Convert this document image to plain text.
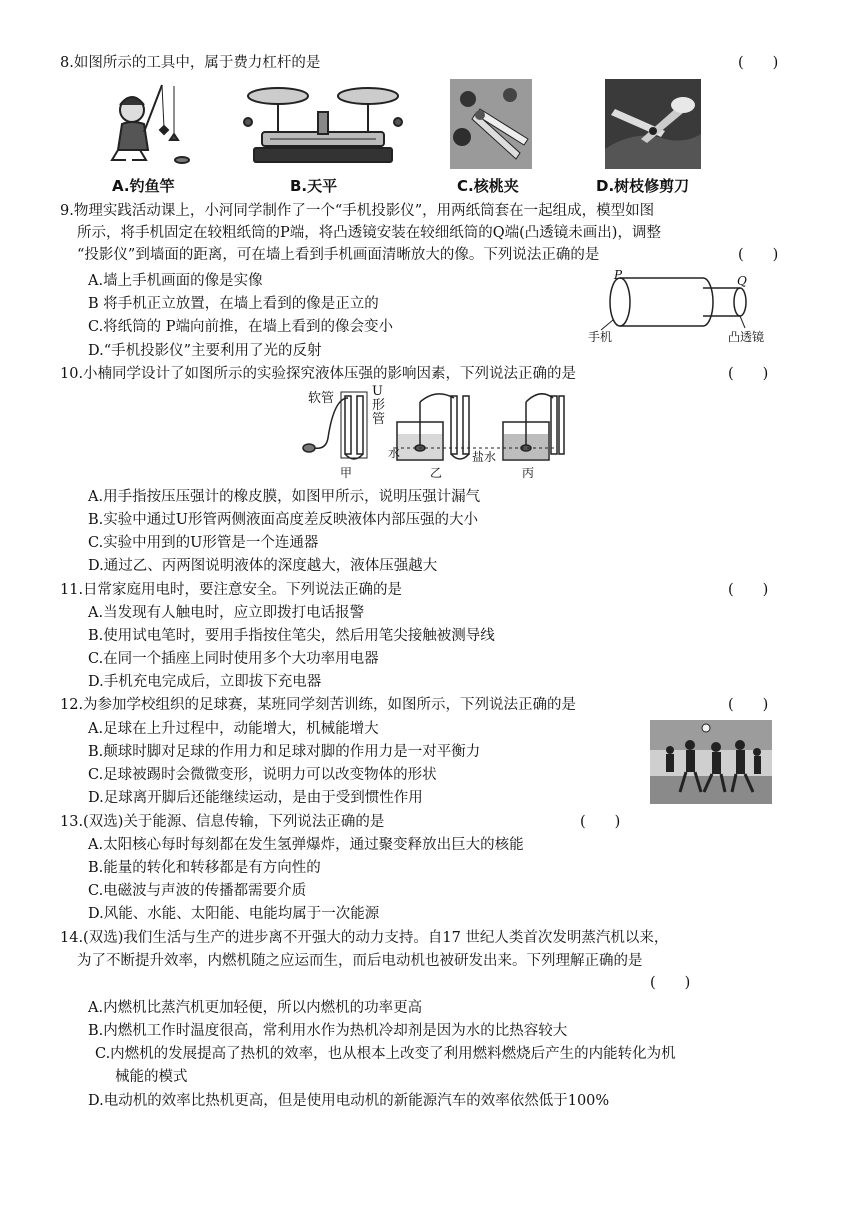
8.如图所示的工具中，属于费力杠杆的是	(　　)
A.钓鱼竿	B.天平	C.核桃夹	D.树枝修剪刀
9.物理实践活动课上，小河同学制作了一个“手机投影仪”，用两纸筒套在一起组成，模型如图
所示，将手机固定在较粗纸筒的P端，将凸透镜安装在较细纸筒的Q端(凸透镜未画出)，调整
“投影仪”到墙面的距离，可在墙上看到手机画面清晰放大的像。下列说法正确的是	(　　)
A.墙上手机画面的像是实像
B 将手机正立放置，在墙上看到的像是正立的
C.将纸筒的 P端向前推，在墙上看到的像会变小
D.“手机投影仪”主要利用了光的反射
P	Q
手机	凸透镜
10.小楠同学设计了如图所示的实验探究液体压强的影响因素，下列说法正确的是	(　　)
软管	U形管
水	盐水
甲	乙	丙
A.用手指按压压强计的橡皮膜，如图甲所示，说明压强计漏气
B.实验中通过U形管两侧液面高度差反映液体内部压强的大小
C.实验中用到的U形管是一个连通器
D.通过乙、丙两图说明液体的深度越大，液体压强越大
11.日常家庭用电时，要注意安全。下列说法正确的是	(　　)
A.当发现有人触电时，应立即拨打电话报警
B.使用试电笔时，要用手指按住笔尖，然后用笔尖接触被测导线
C.在同一个插座上同时使用多个大功率用电器
D.手机充电完成后，立即拔下充电器
12.为参加学校组织的足球赛，某班同学刻苦训练，如图所示，下列说法正确的是	(　　)
A.足球在上升过程中，动能增大，机械能增大
B.颠球时脚对足球的作用力和足球对脚的作用力是一对平衡力
C.足球被踢时会微微变形，说明力可以改变物体的形状
D.足球离开脚后还能继续运动，是由于受到惯性作用
13.(双选)关于能源、信息传输，下列说法正确的是	(　　)
A.太阳核心每时每刻都在发生氢弹爆炸，通过聚变释放出巨大的核能
B.能量的转化和转移都是有方向性的
C.电磁波与声波的传播都需要介质
D.风能、水能、太阳能、电能均属于一次能源
14.(双选)我们生活与生产的进步离不开强大的动力支持。自17 世纪人类首次发明蒸汽机以来，
为了不断提升效率，内燃机随之应运而生，而后电动机也被研发出来。下列理解正确的是
(　　)
A.内燃机比蒸汽机更加轻便，所以内燃机的功率更高
B.内燃机工作时温度很高，常利用水作为热机冷却剂是因为水的比热容较大
C.内燃机的发展提高了热机的效率，也从根本上改变了利用燃料燃烧后产生的内能转化为机
械能的模式
D.电动机的效率比热机更高，但是使用电动机的新能源汽车的效率依然低于100%
